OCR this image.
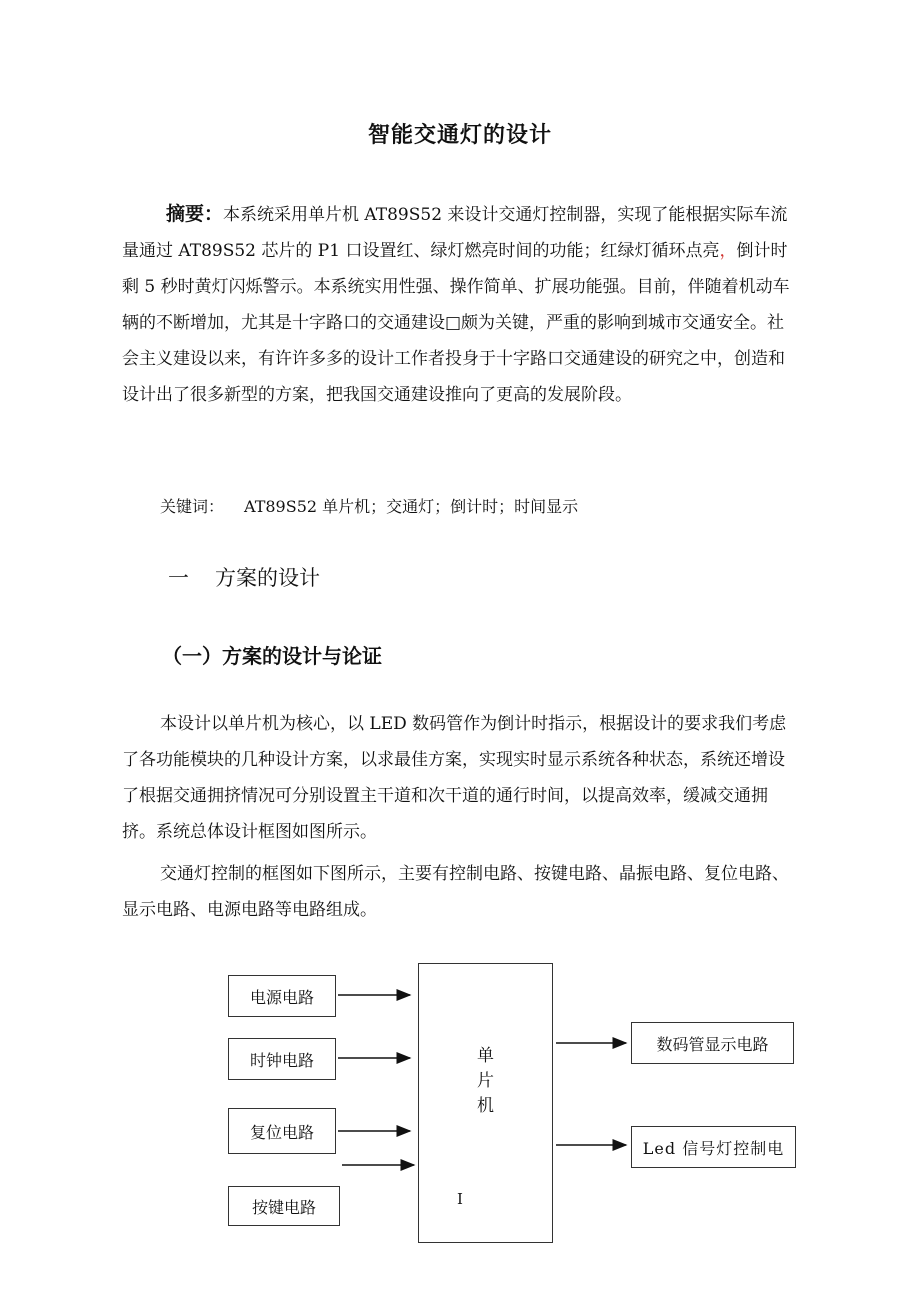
智能交通灯的设计
摘要：本系统采用单片机 AT89S52 来设计交通灯控制器，实现了能根据实际车流量通过 AT89S52 芯片的 P1 口设置红、绿灯燃亮时间的功能；红绿灯循环点亮，倒计时剩 5 秒时黄灯闪烁警示。本系统实用性强、操作简单、扩展功能强。目前，伴随着机动车辆的不断增加，尤其是十字路口的交通建设□颇为关键，严重的影响到城市交通安全。社会主义建设以来，有许许多多的设计工作者投身于十字路口交通建设的研究之中，创造和设计出了很多新型的方案，把我国交通建设推向了更高的发展阶段。
关键词： AT89S52 单片机；交通灯；倒计时；时间显示
一 方案的设计
（一）方案的设计与论证
本设计以单片机为核心，以 LED 数码管作为倒计时指示，根据设计的要求我们考虑了各功能模块的几种设计方案，以求最佳方案，实现实时显示系统各种状态，系统还增设了根据交通拥挤情况可分别设置主干道和次干道的通行时间，以提高效率，缓减交通拥挤。系统总体设计框图如图所示。
交通灯控制的框图如下图所示，主要有控制电路、按键电路、晶振电路、复位电路、显示电路、电源电路等电路组成。
电源电路
时钟电路
复位电路
按键电路
单
片
机
I
数码管显示电路
Led 信号灯控制电
